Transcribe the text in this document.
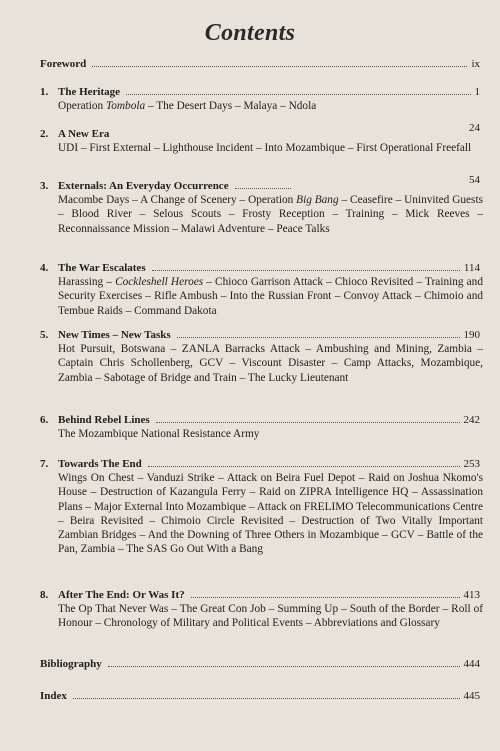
Contents
Foreword	ix
1. The Heritage	1
Operation Tombola – The Desert Days – Malaya – Ndola
2. A New Era	24
UDI – First External – Lighthouse Incident – Into Mozambique – First Operational Freefall
3. Externals: An Everyday Occurrence	54
Macombe Days – A Change of Scenery – Operation Big Bang – Ceasefire – Uninvited Guests – Blood River – Selous Scouts – Frosty Reception – Training – Mick Reeves – Reconnaissance Mission – Malawi Adventure – Peace Talks
4. The War Escalates	114
Harassing – Cockleshell Heroes – Chioco Garrison Attack – Chioco Revisited – Training and Security Exercises – Rifle Ambush – Into the Russian Front – Convoy Attack – Chimoio and Tembue Raids – Command Dakota
5. New Times – New Tasks	190
Hot Pursuit, Botswana – ZANLA Barracks Attack – Ambushing and Mining, Zambia – Captain Chris Schollenberg, GCV – Viscount Disaster – Camp Attacks, Mozambique, Zambia – Sabotage of Bridge and Train – The Lucky Lieutenant
6. Behind Rebel Lines	242
The Mozambique National Resistance Army
7. Towards The End	253
Wings On Chest – Vanduzi Strike – Attack on Beira Fuel Depot – Raid on Joshua Nkomo's House – Destruction of Kazangula Ferry – Raid on ZIPRA Intelligence HQ – Assassination Plans – Major External Into Mozambique – Attack on FRELIMO Telecommunications Centre – Beira Revisited – Chimoio Circle Revisited – Destruction of Two Vitally Important Zambian Bridges – And the Downing of Three Others in Mozambique – GCV – Battle of the Pan, Zambia – The SAS Go Out With a Bang
8. After The End: Or Was It?	413
The Op That Never Was – The Great Con Job – Summing Up – South of the Border – Roll of Honour – Chronology of Military and Political Events – Abbreviations and Glossary
Bibliography	444
Index	445
